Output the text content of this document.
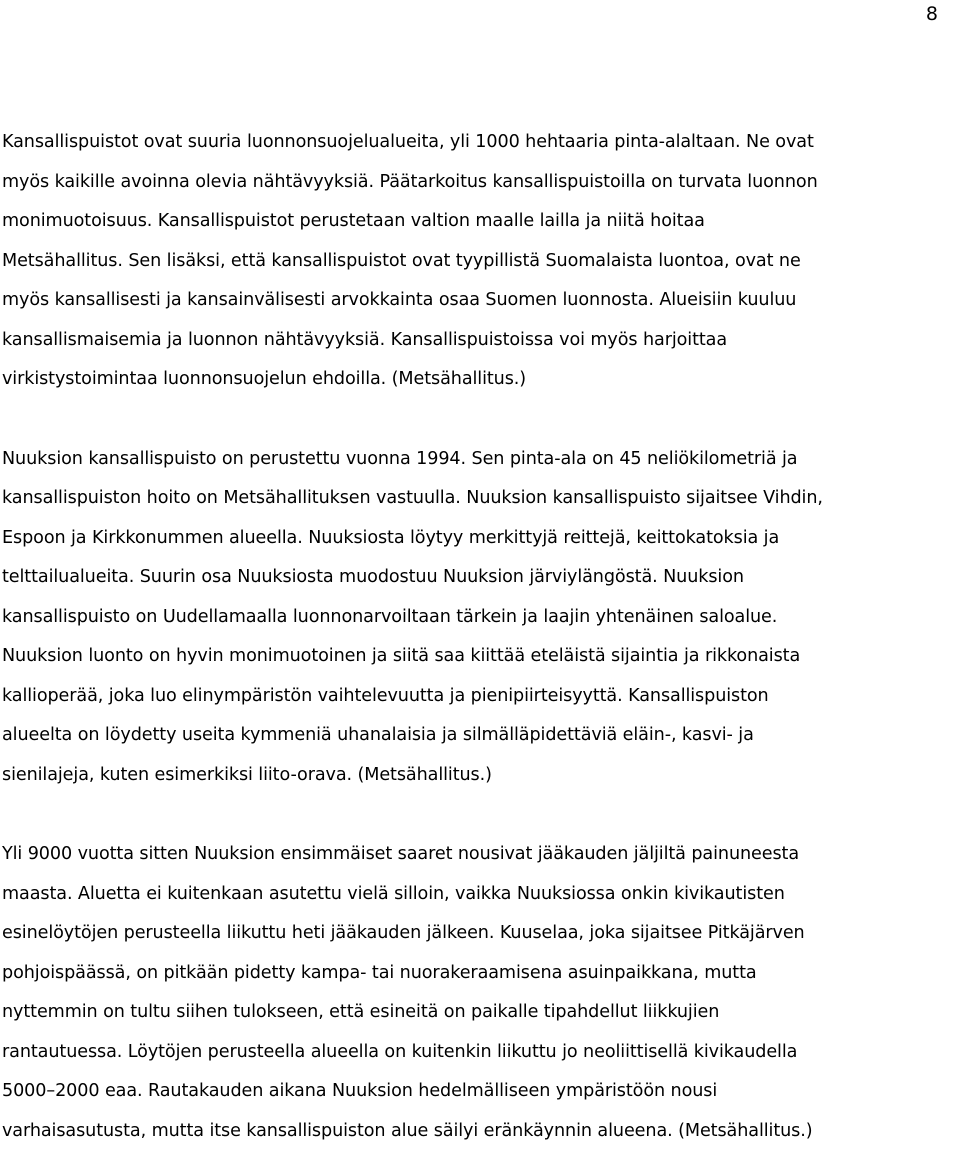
8

Kansallispuistot ovat suuria luonnonsuojelualueita, yli 1000 hehtaaria pinta-alaltaan. Ne ovat
myös kaikille avoinna olevia nähtävyyksiä. Päätarkoitus kansallispuistoilla on turvata luonnon
monimuotoisuus. Kansallispuistot perustetaan valtion maalle lailla ja niitä hoitaa
Metsähallitus. Sen lisäksi, että kansallispuistot ovat tyypillistä Suomalaista luontoa, ovat ne
myös kansallisesti ja kansainvälisesti arvokkainta osaa Suomen luonnosta. Alueisiin kuuluu
kansallismaisemia ja luonnon nähtävyyksiä. Kansallispuistoissa voi myös harjoittaa
virkistystoimintaa luonnonsuojelun ehdoilla. (Metsähallitus.)

Nuuksion kansallispuisto on perustettu vuonna 1994. Sen pinta-ala on 45 neliökilometriä ja
kansallispuiston hoito on Metsähallituksen vastuulla. Nuuksion kansallispuisto sijaitsee Vihdin,
Espoon ja Kirkkonummen alueella. Nuuksiosta löytyy merkittyjä reittejä, keittokatoksia ja
telttailualueita. Suurin osa Nuuksiosta muodostuu Nuuksion järviylängöstä. Nuuksion
kansallispuisto on Uudellamaalla luonnonarvoiltaan tärkein ja laajin yhtenäinen saloalue.
Nuuksion luonto on hyvin monimuotoinen ja siitä saa kiittää eteläistä sijaintia ja rikkonaista
kallioperää, joka luo elinympäristön vaihtelevuutta ja pienipiirteisyyttä. Kansallispuiston
alueelta on löydetty useita kymmeniä uhanalaisia ja silmälläpidettäviä eläin-, kasvi- ja
sienilajeja, kuten esimerkiksi liito-orava. (Metsähallitus.)

Yli 9000 vuotta sitten Nuuksion ensimmäiset saaret nousivat jääkauden jäljiltä painuneesta
maasta. Aluetta ei kuitenkaan asutettu vielä silloin, vaikka Nuuksiossa onkin kivikautisten
esinelöytöjen perusteella liikuttu heti jääkauden jälkeen. Kuuselaa, joka sijaitsee Pitkäjärven
pohjoispäässä, on pitkään pidetty kampa- tai nuorakeraamisena asuinpaikkana, mutta
nyttemmin on tultu siihen tulokseen, että esineitä on paikalle tipahdellut liikkujien
rantautuessa. Löytöjen perusteella alueella on kuitenkin liikuttu jo neoliittisellä kivikaudella
5000–2000 eaa. Rautakauden aikana Nuuksion hedelmälliseen ympäristöön nousi
varhaisasutusta, mutta itse kansallispuiston alue säilyi eränkäynnin alueena. (Metsähallitus.)
